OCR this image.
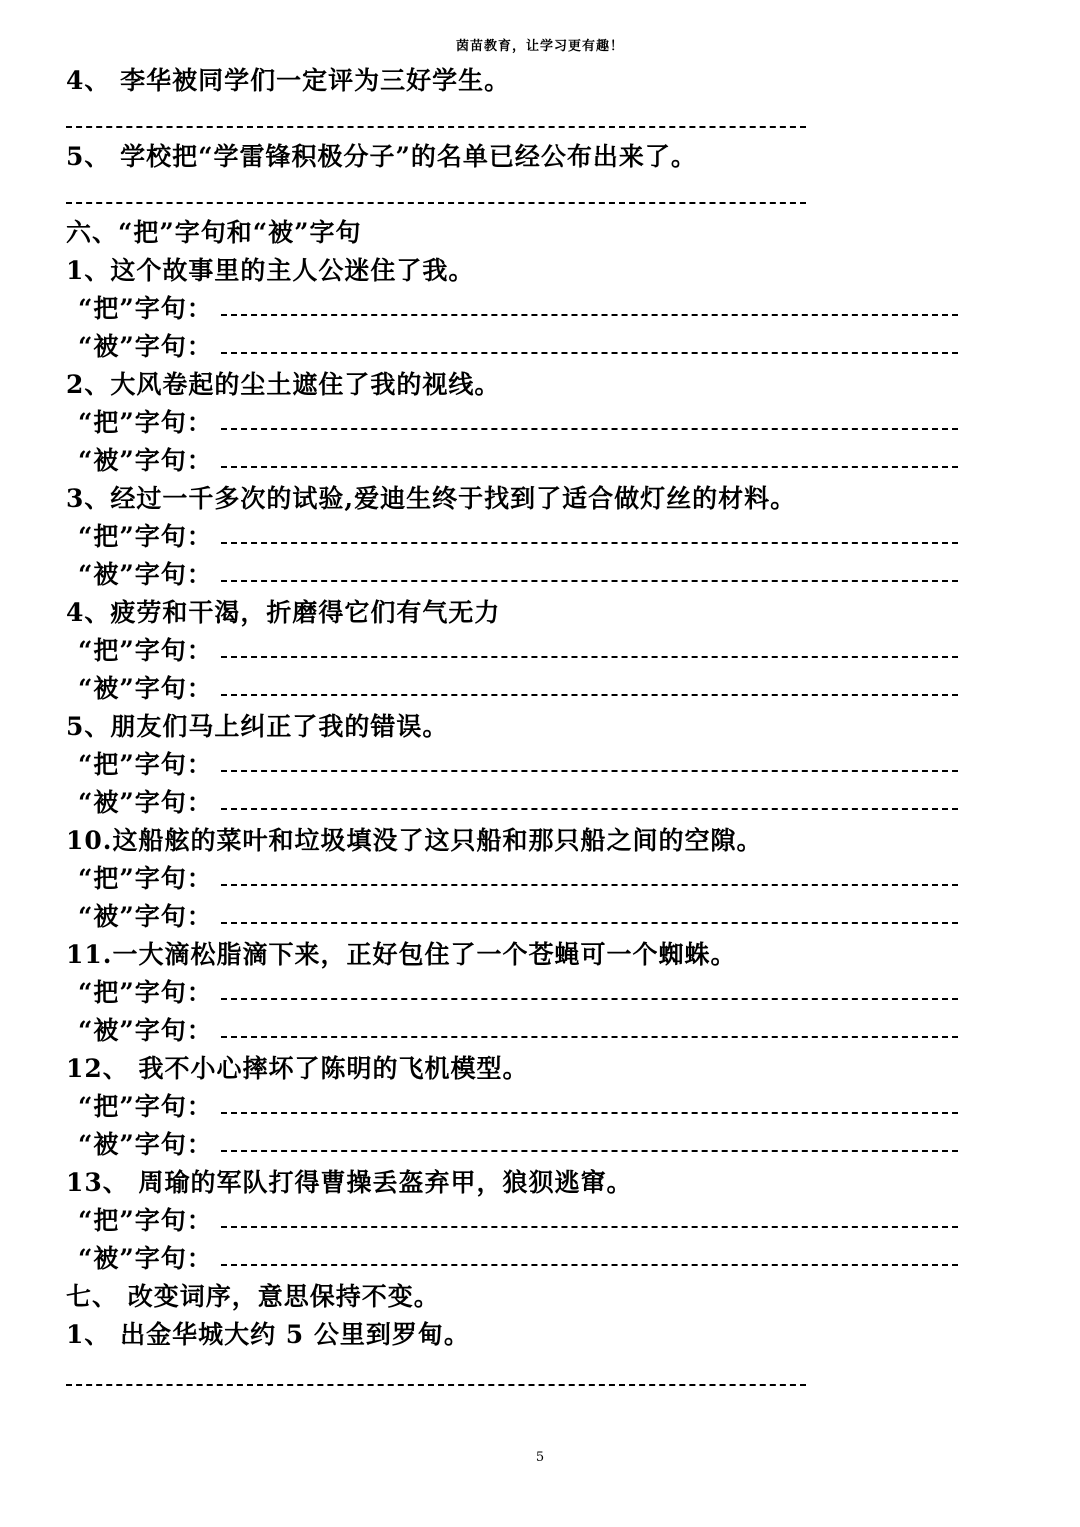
茵苗教育，让学习更有趣！
4、 李华被同学们一定评为三好学生。
5、 学校把“学雷锋积极分子”的名单已经公布出来了。
六、“把”字句和“被”字句
1、这个故事里的主人公迷住了我。
“把”字句：
“被”字句：
2、大风卷起的尘土遮住了我的视线。
“把”字句：
“被”字句：
3、经过一千多次的试验,爱迪生终于找到了适合做灯丝的材料。
“把”字句：
“被”字句：
4、疲劳和干渴，折磨得它们有气无力
“把”字句：
“被”字句：
5、朋友们马上纠正了我的错误。
“把”字句：
“被”字句：
10.这船舷的菜叶和垃圾填没了这只船和那只船之间的空隙。
“把”字句：
“被”字句：
11.一大滴松脂滴下来，正好包住了一个苍蝇可一个蜘蛛。
“把”字句：
“被”字句：
12、 我不小心摔坏了陈明的飞机模型。
“把”字句：
“被”字句：
13、 周瑜的军队打得曹操丢盔弃甲，狼狈逃窜。
“把”字句：
“被”字句：
七、 改变词序，意思保持不变。
1、 出金华城大约 5 公里到罗甸。
5
